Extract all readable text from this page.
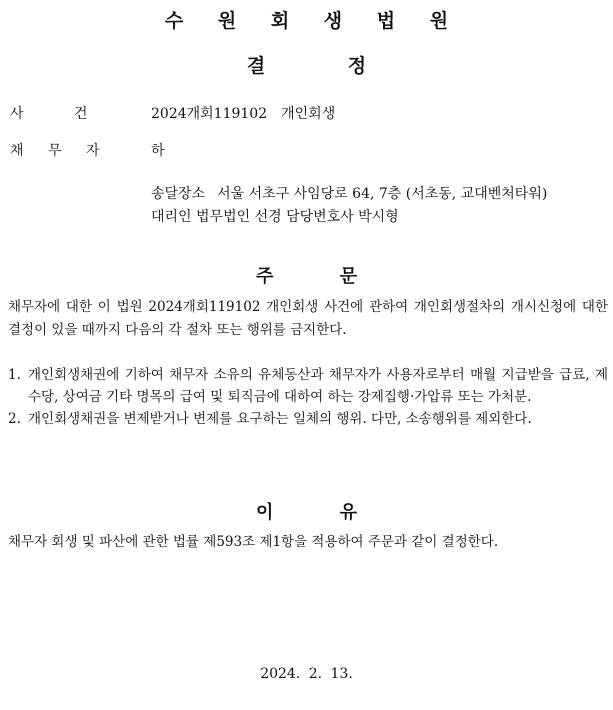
수 원 회 생 법 원
결 정
사 건	2024개회119102 개인회생
채 무 자	하
송달장소 서울 서초구 사임당로 64, 7층 (서초동, 교대벤처타워)
대리인 법무법인 선경 담당변호사 박시형
주 문
채무자에 대한 이 법원 2024개회119102 개인회생 사건에 관하여 개인회생절차의 개시신청에 대한 결정이 있을 때까지 다음의 각 절차 또는 행위를 금지한다.
1. 개인회생채권에 기하여 채무자 소유의 유체동산과 채무자가 사용자로부터 매월 지급받을 급료, 제수당, 상여금 기타 명목의 급여 및 퇴직금에 대하여 하는 강제집행·가압류 또는 가처분.
2. 개인회생채권을 변제받거나 변제를 요구하는 일체의 행위. 다만, 소송행위를 제외한다.
이 유
채무자 회생 및 파산에 관한 법률 제593조 제1항을 적용하여 주문과 같이 결정한다.
2024. 2. 13.
